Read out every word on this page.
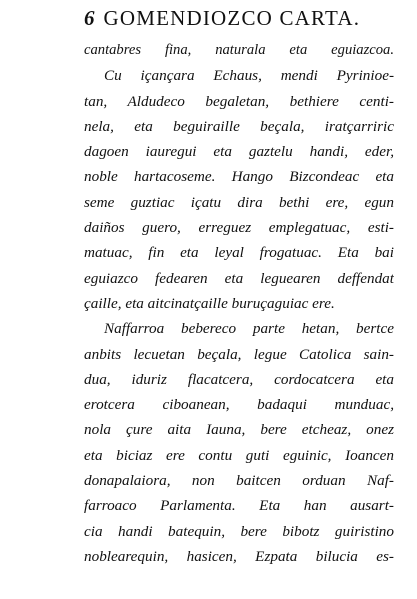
6 GOMENDIOZCO CARTA.
cantabres fina, naturala eta eguiazcoa.
Cu içançara Echaus, mendi Pyrinioe-
tan, Aldudeco begaletan, bethiere centi-
nela, eta beguiraille beçala, iratçarriric
dagoen iauregui eta gaztelu handi, eder,
noble hartacoseme. Hango Bizcondeac eta
seme guztiac içatu dira bethi ere, egun
daiños guero, erreguez emplegatuac, esti-
matuac, fin eta leyal frogatuac. Eta bai
eguiazco fedearen eta leguearen deffendat
çaille, eta aitcinatçaille buruçaguiac ere.
Naffarroa bebereco parte hetan, bertce
anbits lecuetan beçala, legue Catolica sain-
dua, iduriz flacatcera, cordocatcera eta
erotcera ciboanean, badaqui munduac,
nola çure aita Iauna, bere etcheaz, onez
eta biciaz ere contu guti eguinic, Ioancen
donapalaiora, non baitcen orduan Naf-
farroaco Parlamenta. Eta han ausart-
cia handi batequin, bere bibotz guiristino
noblearequin, hasicen, Ezpata bilucia es-
